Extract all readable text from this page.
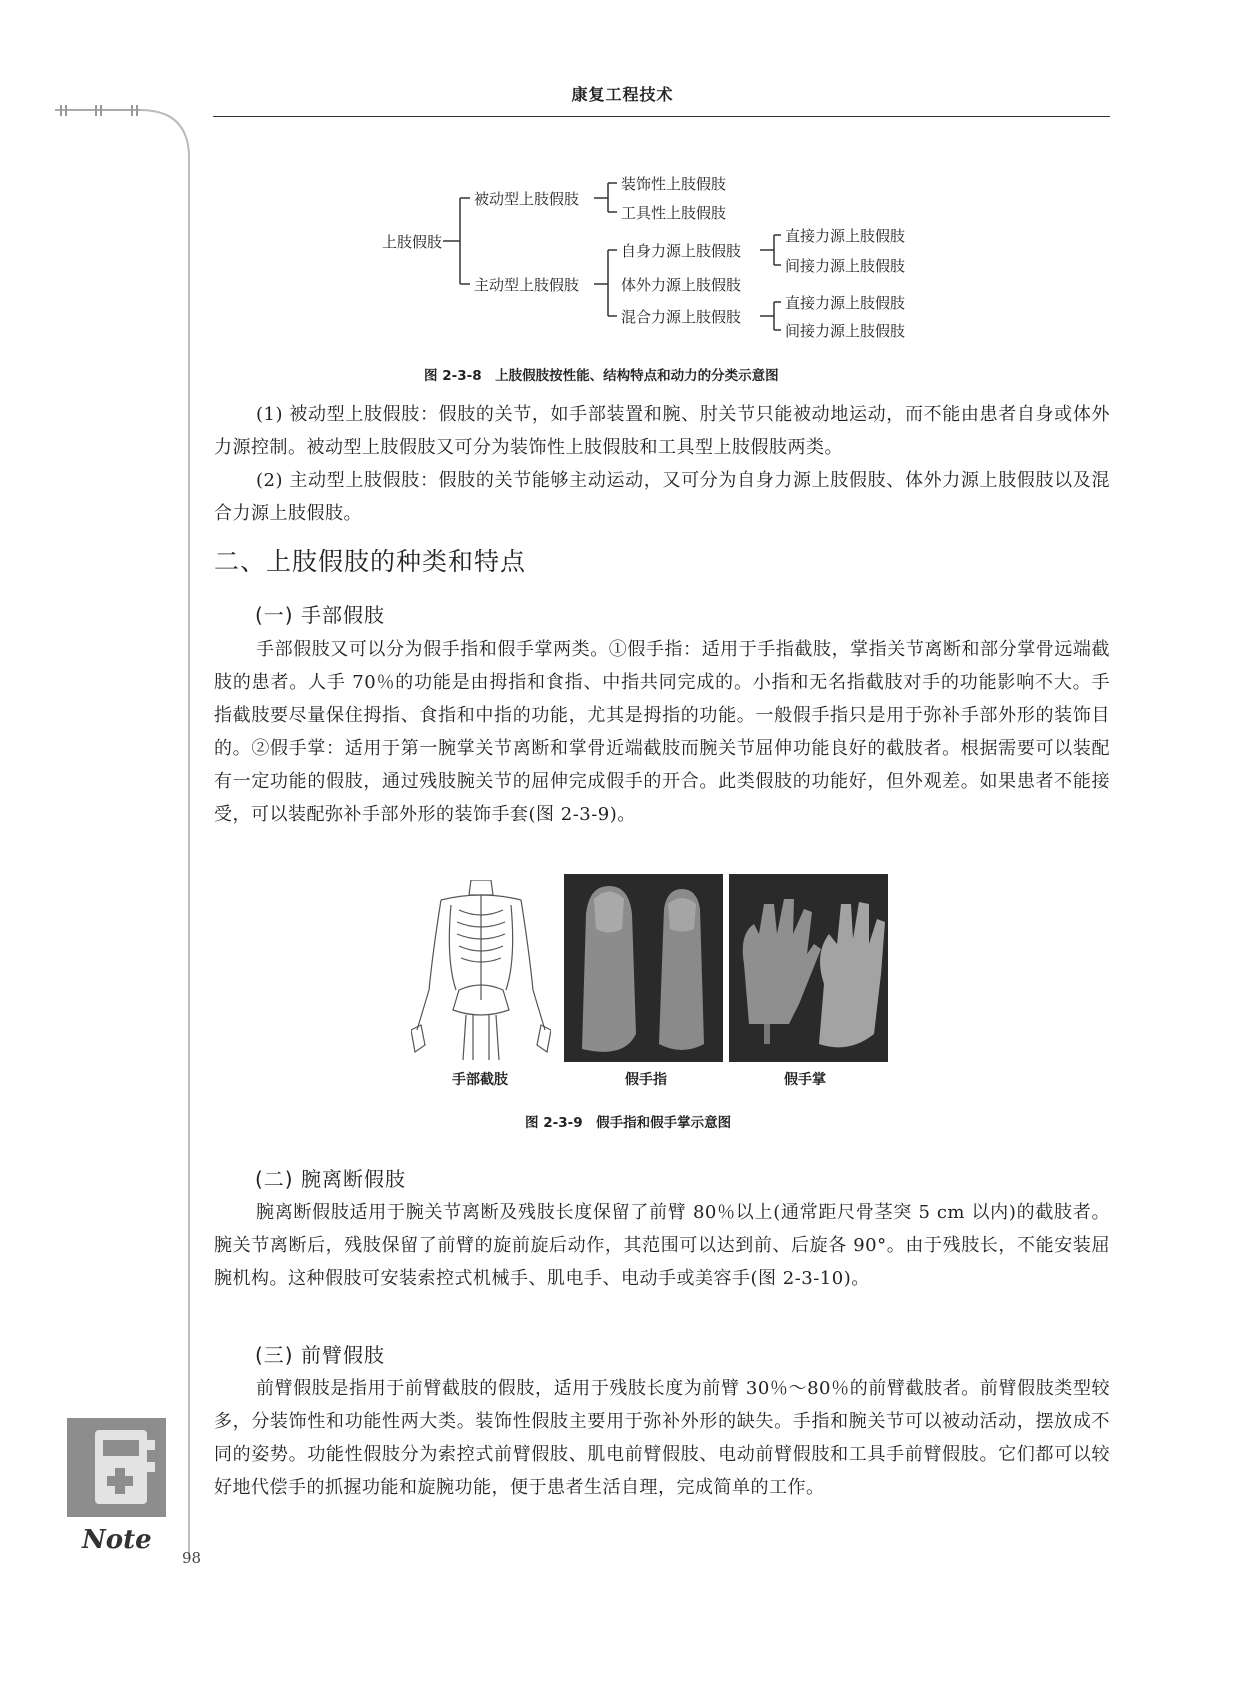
康复工程技术
上肢假肢
被动型上肢假肢
装饰性上肢假肢
工具性上肢假肢
主动型上肢假肢
自身力源上肢假肢
直接力源上肢假肢
间接力源上肢假肢
体外力源上肢假肢
混合力源上肢假肢
直接力源上肢假肢
间接力源上肢假肢
图 2-3-8　上肢假肢按性能、结构特点和动力的分类示意图

(1) 被动型上肢假肢：假肢的关节，如手部装置和腕、肘关节只能被动地运动，而不能由患者自身或体外力源控制。被动型上肢假肢又可分为装饰性上肢假肢和工具型上肢假肢两类。

(2) 主动型上肢假肢：假肢的关节能够主动运动，又可分为自身力源上肢假肢、体外力源上肢假肢以及混合力源上肢假肢。

二、上肢假肢的种类和特点
(一) 手部假肢

手部假肢又可以分为假手指和假手掌两类。①假手指：适用于手指截肢，掌指关节离断和部分掌骨远端截肢的患者。人手 70％的功能是由拇指和食指、中指共同完成的。小指和无名指截肢对手的功能影响不大。手指截肢要尽量保住拇指、食指和中指的功能，尤其是拇指的功能。一般假手指只是用于弥补手部外形的装饰目的。②假手掌：适用于第一腕掌关节离断和掌骨近端截肢而腕关节屈伸功能良好的截肢者。根据需要可以装配有一定功能的假肢，通过残肢腕关节的屈伸完成假手的开合。此类假肢的功能好，但外观差。如果患者不能接受，可以装配弥补手部外形的装饰手套(图 2-3-9)。

手部截肢	假手指	假手掌
图 2-3-9　假手指和假手掌示意图
(二) 腕离断假肢

腕离断假肢适用于腕关节离断及残肢长度保留了前臂 80％以上(通常距尺骨茎突 5 cm 以内)的截肢者。腕关节离断后，残肢保留了前臂的旋前旋后动作，其范围可以达到前、后旋各 90°。由于残肢长，不能安装屈腕机构。这种假肢可安装索控式机械手、肌电手、电动手或美容手(图 2-3-10)。

(三) 前臂假肢

前臂假肢是指用于前臂截肢的假肢，适用于残肢长度为前臂 30％～80％的前臂截肢者。前臂假肢类型较多，分装饰性和功能性两大类。装饰性假肢主要用于弥补外形的缺失。手指和腕关节可以被动活动，摆放成不同的姿势。功能性假肢分为索控式前臂假肢、肌电前臂假肢、电动前臂假肢和工具手前臂假肢。它们都可以较好地代偿手的抓握功能和旋腕功能，便于患者生活自理，完成简单的工作。

Note
98
